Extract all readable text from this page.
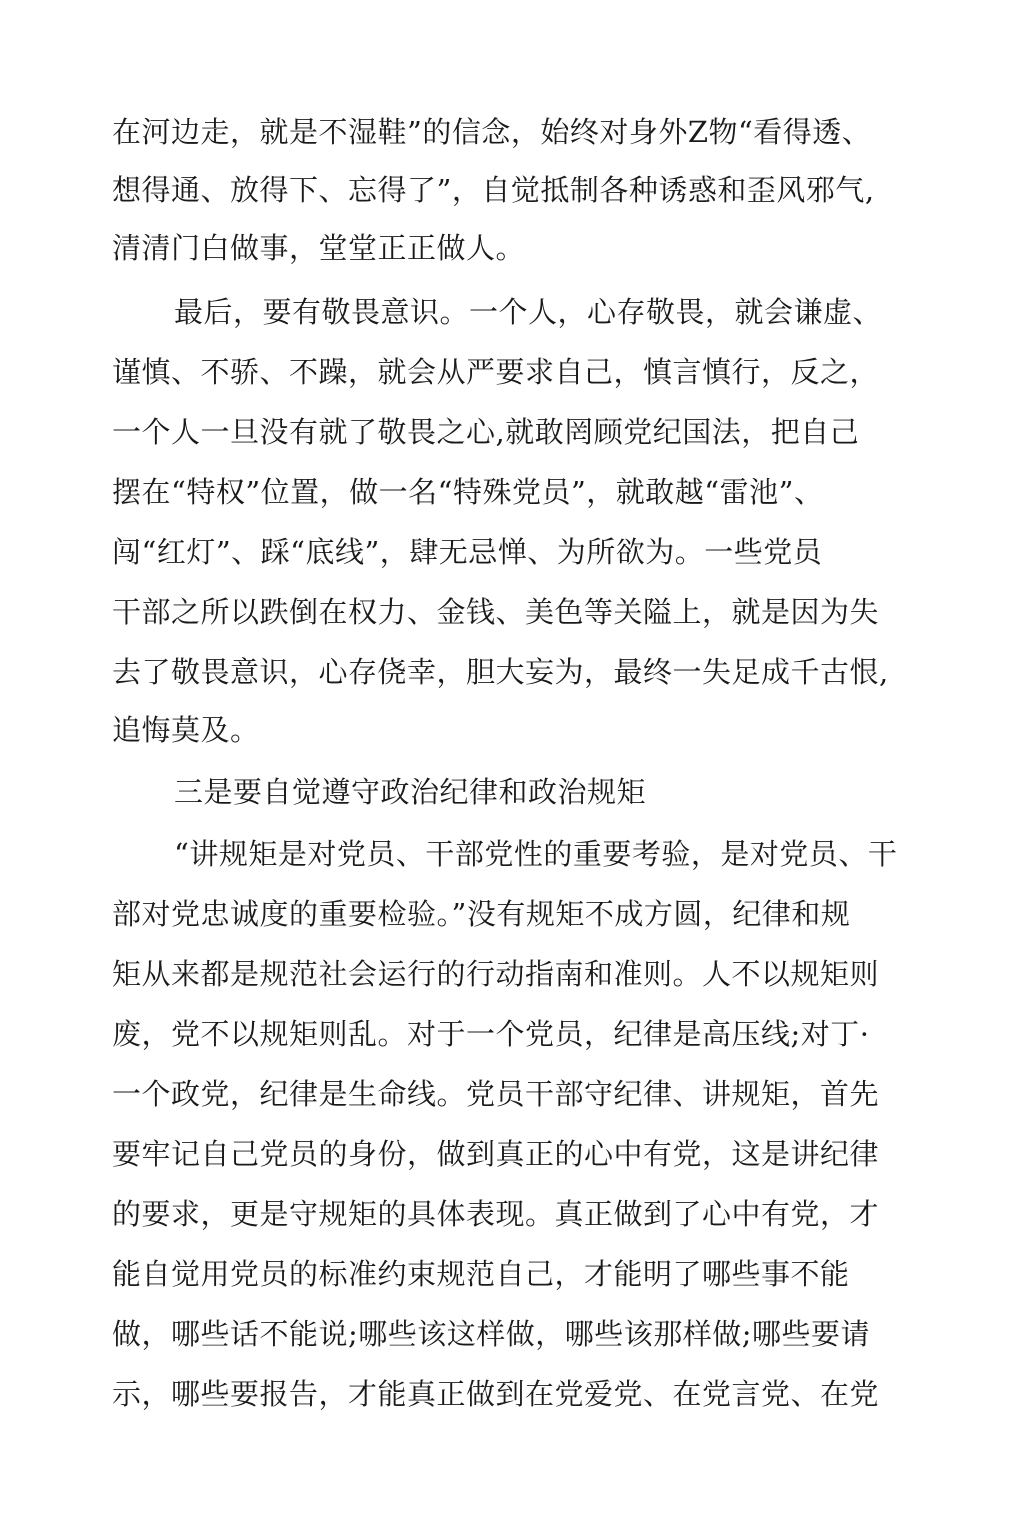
在河边走，就是不湿鞋”的信念，始终对身外Z物“看得透、
想得通、放得下、忘得了”，自觉抵制各种诱惑和歪风邪气,
清清门白做事，堂堂正正做人。
最后，要有敬畏意识。一个人，心存敬畏，就会谦虚、
谨慎、不骄、不躁，就会从严要求自己，慎言慎行，反之，
一个人一旦没有就了敬畏之心,就敢罔顾党纪国法，把自己
摆在“特权”位置，做一名“特殊党员”，就敢越“雷池”、
闯“红灯”、踩“底线”，肆无忌惮、为所欲为。一些党员
干部之所以跌倒在权力、金钱、美色等关隘上，就是因为失
去了敬畏意识，心存侥幸，胆大妄为，最终一失足成千古恨,
追悔莫及。
三是要自觉遵守政治纪律和政治规矩
“讲规矩是对党员、干部党性的重要考验，是对党员、干
部对党忠诚度的重要检验。”没有规矩不成方圆，纪律和规
矩从来都是规范社会运行的行动指南和准则。人不以规矩则
废，党不以规矩则乱。对于一个党员，纪律是高压线;对丁·
一个政党，纪律是生命线。党员干部守纪律、讲规矩，首先
要牢记自己党员的身份，做到真正的心中有党，这是讲纪律
的要求，更是守规矩的具体表现。真正做到了心中有党，才
能自觉用党员的标准约束规范自己，才能明了哪些事不能
做，哪些话不能说;哪些该这样做，哪些该那样做;哪些要请
示，哪些要报告，才能真正做到在党爱党、在党言党、在党
